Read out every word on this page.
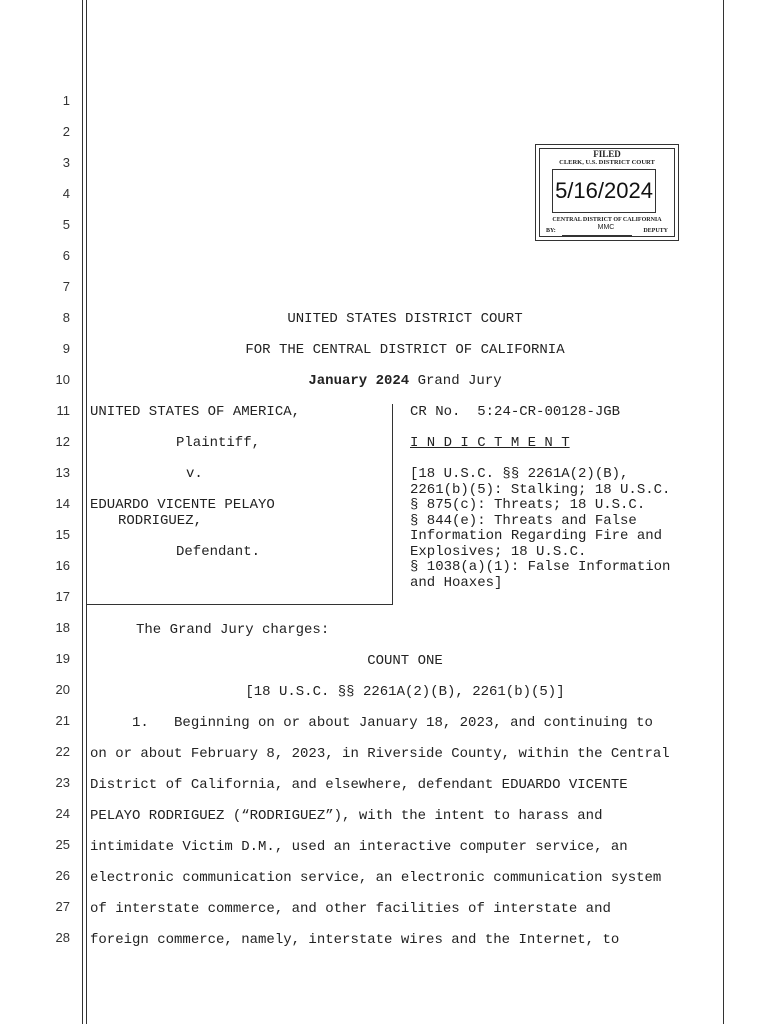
1
2
3
4
5
6
7
8
9
10
11
12
13
14
15
16
17
18
19
20
21
22
23
24
25
26
27
28
FILED
CLERK, U.S. DISTRICT COURT
5/16/2024
CENTRAL DISTRICT OF CALIFORNIA
BY:	MMC	DEPUTY
UNITED STATES DISTRICT COURT
FOR THE CENTRAL DISTRICT OF CALIFORNIA
January 2024 Grand Jury
UNITED STATES OF AMERICA,
Plaintiff,
v.
EDUARDO VICENTE PELAYO
RODRIGUEZ,
Defendant.
CR No. 5:24-CR-00128-JGB
I N D I C T M E N T
[18 U.S.C. §§ 2261A(2)(B),
2261(b)(5): Stalking; 18 U.S.C.
§ 875(c): Threats; 18 U.S.C.
§ 844(e): Threats and False
Information Regarding Fire and
Explosives; 18 U.S.C.
§ 1038(a)(1): False Information
and Hoaxes]
The Grand Jury charges:
COUNT ONE
[18 U.S.C. §§ 2261A(2)(B), 2261(b)(5)]
1.   Beginning on or about January 18, 2023, and continuing to
on or about February 8, 2023, in Riverside County, within the Central
District of California, and elsewhere, defendant EDUARDO VICENTE
PELAYO RODRIGUEZ (“RODRIGUEZ”), with the intent to harass and
intimidate Victim D.M., used an interactive computer service, an
electronic communication service, an electronic communication system
of interstate commerce, and other facilities of interstate and
foreign commerce, namely, interstate wires and the Internet, to
